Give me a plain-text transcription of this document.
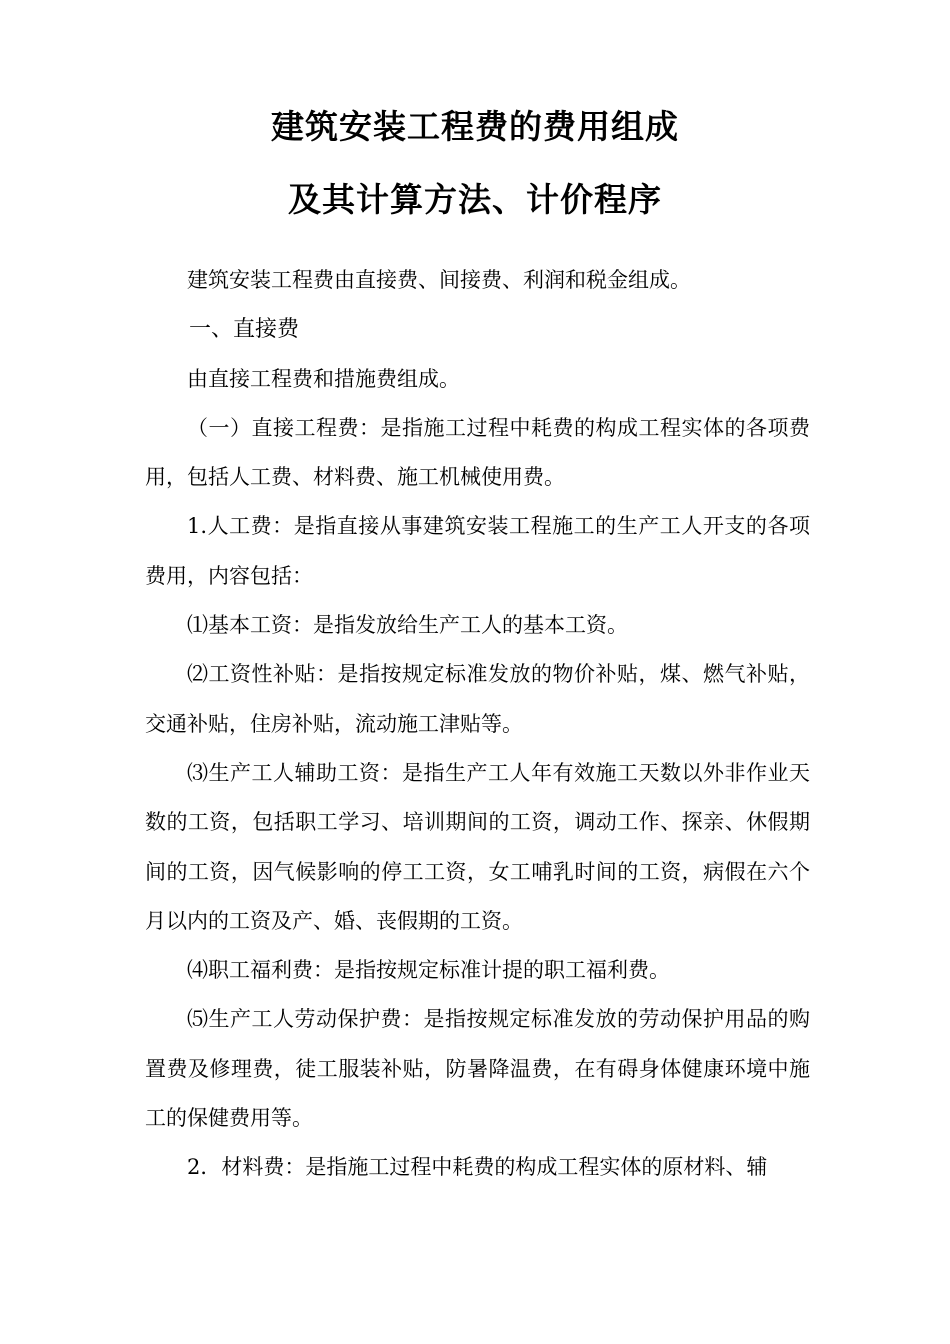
建筑安装工程费的费用组成
及其计算方法、计价程序

建筑安装工程费由直接费、间接费、利润和税金组成。

一、直接费

由直接工程费和措施费组成。

（一）直接工程费：是指施工过程中耗费的构成工程实体的各项费用，包括人工费、材料费、施工机械使用费。

1.人工费：是指直接从事建筑安装工程施工的生产工人开支的各项费用，内容包括：

⑴基本工资：是指发放给生产工人的基本工资。

⑵工资性补贴：是指按规定标准发放的物价补贴，煤、燃气补贴，交通补贴，住房补贴，流动施工津贴等。

⑶生产工人辅助工资：是指生产工人年有效施工天数以外非作业天数的工资，包括职工学习、培训期间的工资，调动工作、探亲、休假期间的工资，因气候影响的停工工资，女工哺乳时间的工资，病假在六个月以内的工资及产、婚、丧假期的工资。

⑷职工福利费：是指按规定标准计提的职工福利费。

⑸生产工人劳动保护费：是指按规定标准发放的劳动保护用品的购置费及修理费，徒工服装补贴，防暑降温费，在有碍身体健康环境中施工的保健费用等。

2．材料费：是指施工过程中耗费的构成工程实体的原材料、辅
